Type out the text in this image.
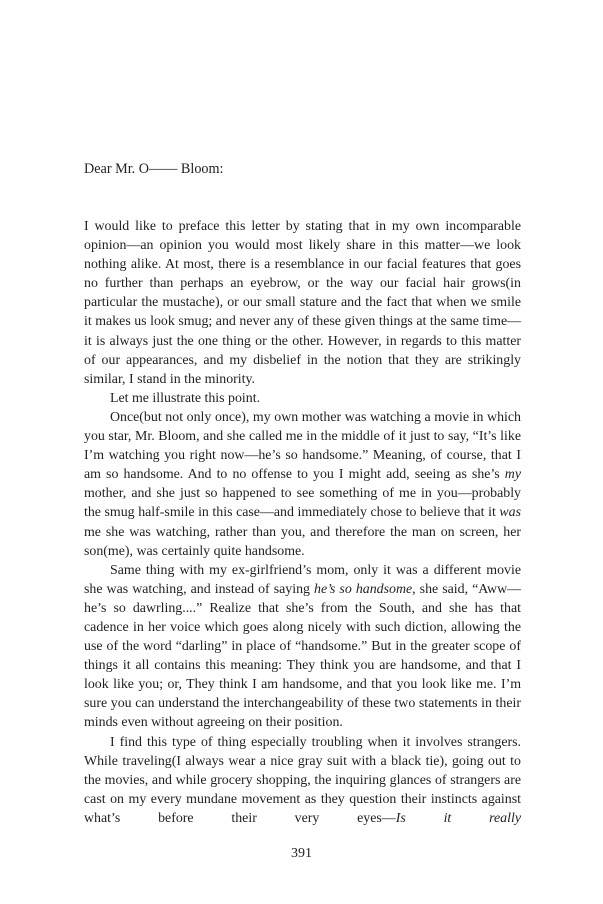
Dear Mr. O—— Bloom:

I would like to preface this letter by stating that in my own incomparable opinion—an opinion you would most likely share in this matter—we look nothing alike. At most, there is a resemblance in our facial features that goes no further than perhaps an eyebrow, or the way our facial hair grows(in particular the mustache), or our small stature and the fact that when we smile it makes us look smug; and never any of these given things at the same time—it is always just the one thing or the other. However, in regards to this matter of our appearances, and my disbelief in the notion that they are strikingly similar, I stand in the minority.

Let me illustrate this point.

Once(but not only once), my own mother was watching a movie in which you star, Mr. Bloom, and she called me in the middle of it just to say, “It’s like I’m watching you right now—he’s so handsome.” Meaning, of course, that I am so handsome. And to no offense to you I might add, seeing as she’s my mother, and she just so happened to see something of me in you—probably the smug half-smile in this case—and immediately chose to believe that it was me she was watching, rather than you, and therefore the man on screen, her son(me), was certainly quite handsome.

Same thing with my ex-girlfriend’s mom, only it was a different movie she was watching, and instead of saying he’s so handsome, she said, “Aww—he’s so dawrling....” Realize that she’s from the South, and she has that cadence in her voice which goes along nicely with such diction, allowing the use of the word “darling” in place of “handsome.” But in the greater scope of things it all contains this meaning: They think you are handsome, and that I look like you; or, They think I am handsome, and that you look like me. I’m sure you can understand the interchangeability of these two statements in their minds even without agreeing on their position.

I find this type of thing especially troubling when it involves strangers. While traveling(I always wear a nice gray suit with a black tie), going out to the movies, and while grocery shopping, the inquiring glances of strangers are cast on my every mundane movement as they question their instincts against what’s before their very eyes—Is it really

391
